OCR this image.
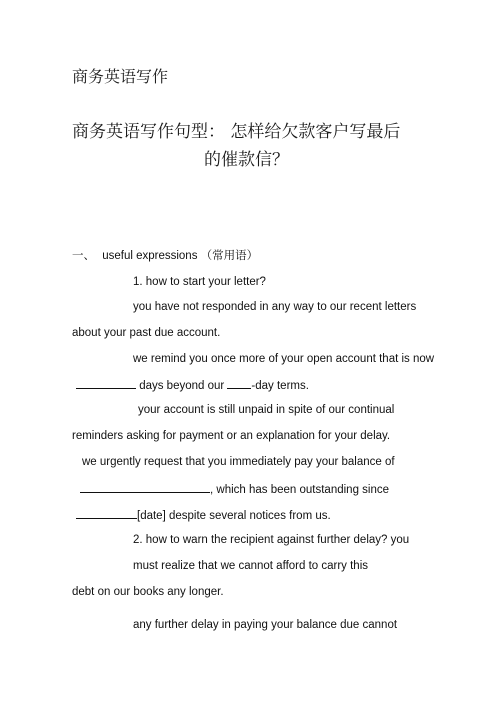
商务英语写作
商务英语写作句型： 怎样给欠款客户写最后
的催款信？
一、 useful expressions （常用语）
1. how to start your letter?
you have not responded in any way to our recent letters
about your past due account.
we remind you once more of your open account that is now
days beyond our -day terms.
your account is still unpaid in spite of our continual
reminders asking for payment or an explanation for your delay.
we urgently request that you immediately pay your balance of
, which has been outstanding since
[date] despite several notices from us.
2. how to warn the recipient against further delay? you
must realize that we cannot afford to carry this
debt on our books any longer.
any further delay in paying your balance due cannot
